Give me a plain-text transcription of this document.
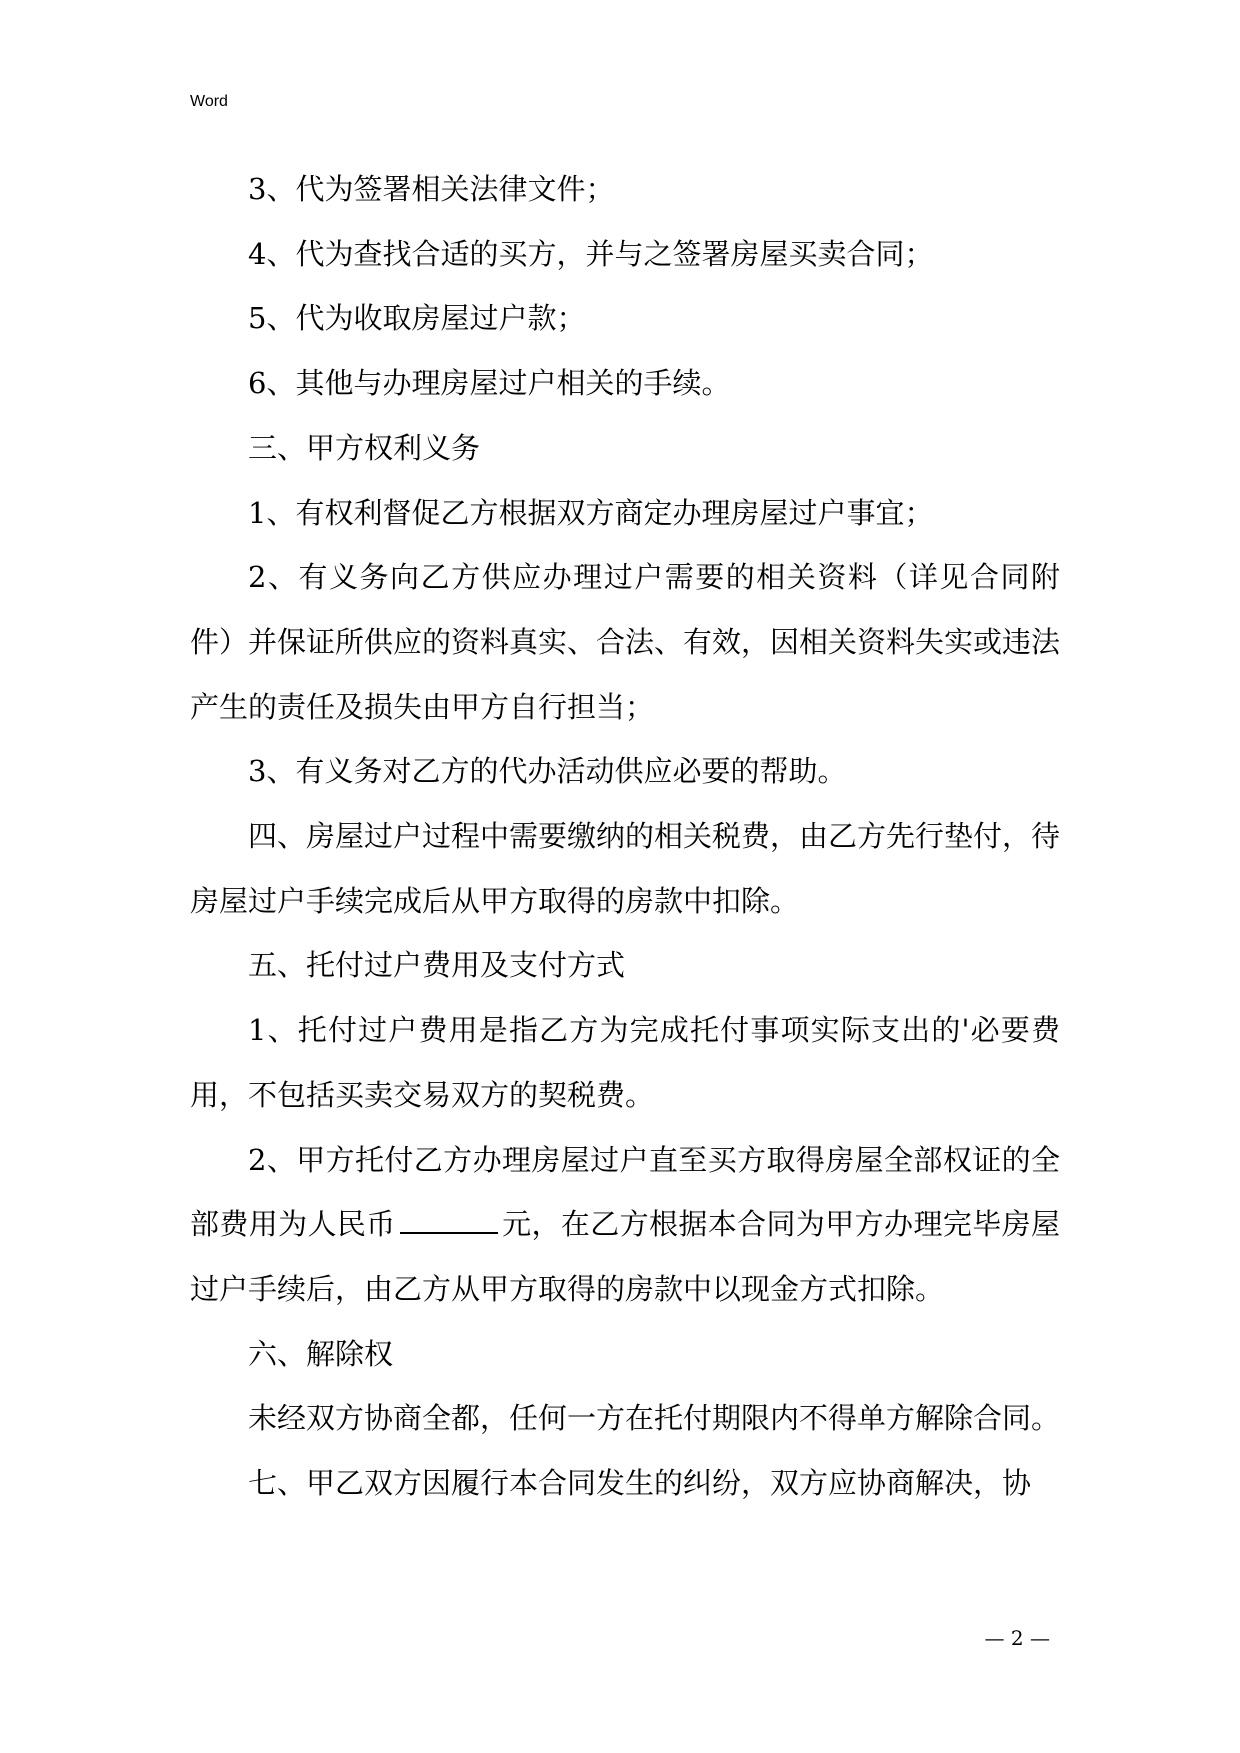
Word

3、代为签署相关法律文件；

4、代为查找合适的买方，并与之签署房屋买卖合同；

5、代为收取房屋过户款；

6、其他与办理房屋过户相关的手续。

三、甲方权利义务

1、有权利督促乙方根据双方商定办理房屋过户事宜；

2、有义务向乙方供应办理过户需要的相关资料（详见合同附件）并保证所供应的资料真实、合法、有效，因相关资料失实或违法产生的责任及损失由甲方自行担当；

3、有义务对乙方的代办活动供应必要的帮助。

四、房屋过户过程中需要缴纳的相关税费，由乙方先行垫付，待房屋过户手续完成后从甲方取得的房款中扣除。

五、托付过户费用及支付方式

1、托付过户费用是指乙方为完成托付事项实际支出的'必要费用，不包括买卖交易双方的契税费。

2、甲方托付乙方办理房屋过户直至买方取得房屋全部权证的全部费用为人民币	元，在乙方根据本合同为甲方办理完毕房屋过户手续后，由乙方从甲方取得的房款中以现金方式扣除。

六、解除权

未经双方协商全都，任何一方在托付期限内不得单方解除合同。

七、甲乙双方因履行本合同发生的纠纷，双方应协商解决，协

— 2 —
